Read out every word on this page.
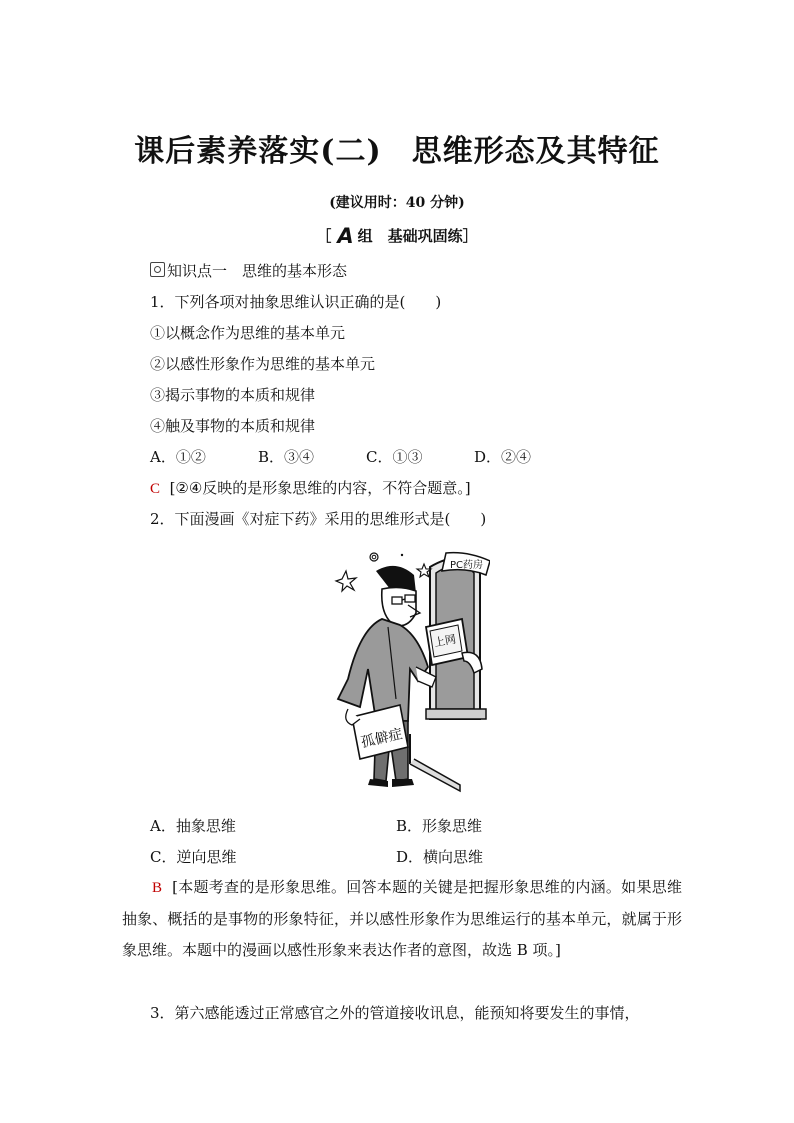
课后素养落实(二) 思维形态及其特征
(建议用时：40 分钟)
［ A 组　基础巩固练］
知识点一　思维的基本形态
1．下列各项对抽象思维认识正确的是(　　)
①以概念作为思维的基本单元
②以感性形象作为思维的基本单元
③揭示事物的本质和规律
④触及事物的本质和规律
A．①②	B．③④	C．①③	D．②④
C [②④反映的是形象思维的内容，不符合题意。]
2．下面漫画《对症下药》采用的思维形式是(　　)
PC药房
上网
孤僻症
A．抽象思维	B．形象思维
C．逆向思维	D．横向思维
B [本题考查的是形象思维。回答本题的关键是把握形象思维的内涵。如果思维抽象、概括的是事物的形象特征，并以感性形象作为思维运行的基本单元，就属于形象思维。本题中的漫画以感性形象来表达作者的意图，故选 B 项。]
3．第六感能透过正常感官之外的管道接收讯息，能预知将要发生的事情，
